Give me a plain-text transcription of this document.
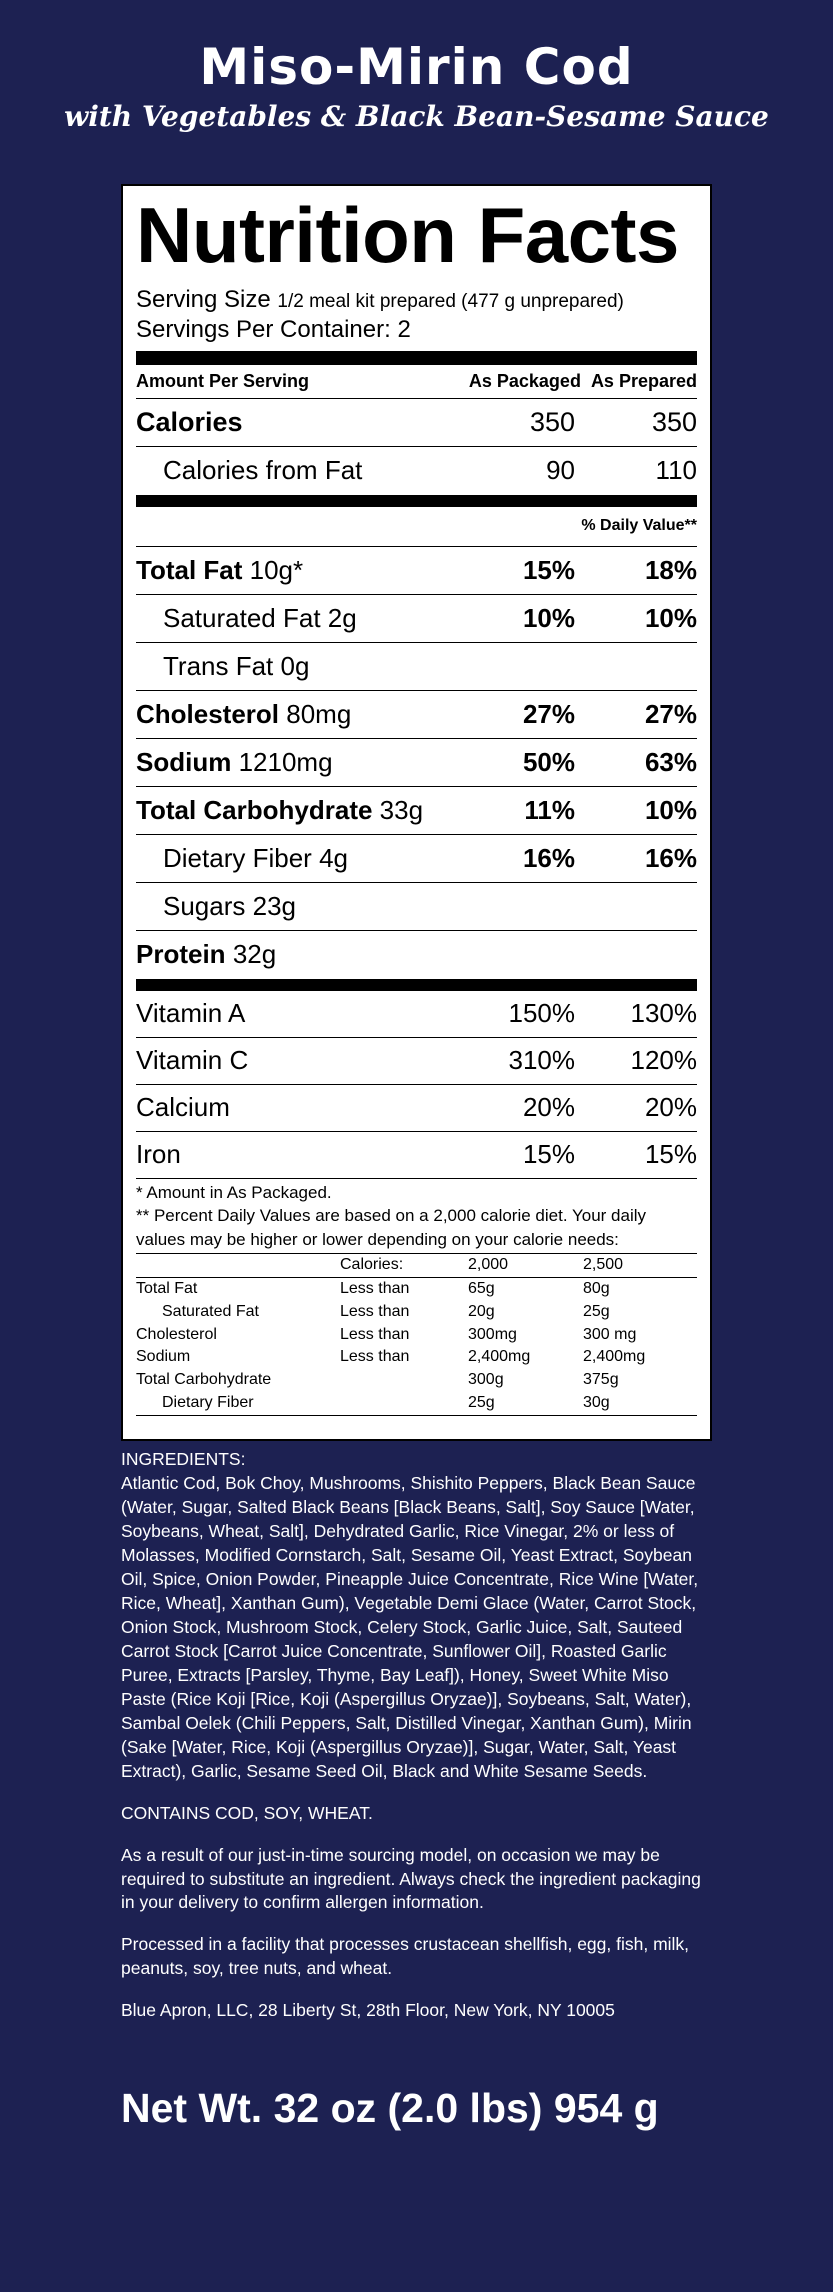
Miso-Mirin Cod
with Vegetables & Black Bean-Sesame Sauce
Nutrition Facts
Serving Size 1/2 meal kit prepared (477 g unprepared)
Servings Per Container: 2
Amount Per Serving	As Packaged As Prepared
Calories	350	350
Calories from Fat	90	110
% Daily Value**
Total Fat 10g*	15%	18%
Saturated Fat 2g	10%	10%
Trans Fat 0g
Cholesterol 80mg	27%	27%
Sodium 1210mg	50%	63%
Total Carbohydrate 33g	11%	10%
Dietary Fiber 4g	16%	16%
Sugars 23g
Protein 32g
Vitamin A	150%	130%
Vitamin C	310%	120%
Calcium	20%	20%
Iron	15%	15%
* Amount in As Packaged.
** Percent Daily Values are based on a 2,000 calorie diet. Your daily values may be higher or lower depending on your calorie needs:
	Calories:	2,000	2,500
Total Fat	Less than	65g	80g
Saturated Fat	Less than	20g	25g
Cholesterol	Less than	300mg	300 mg
Sodium	Less than	2,400mg	2,400mg
Total Carbohydrate		300g	375g
Dietary Fiber		25g	30g

INGREDIENTS:
Atlantic Cod, Bok Choy, Mushrooms, Shishito Peppers, Black Bean Sauce (Water, Sugar, Salted Black Beans [Black Beans, Salt], Soy Sauce [Water, Soybeans, Wheat, Salt], Dehydrated Garlic, Rice Vinegar, 2% or less of Molasses, Modified Cornstarch, Salt, Sesame Oil, Yeast Extract, Soybean Oil, Spice, Onion Powder, Pineapple Juice Concentrate, Rice Wine [Water, Rice, Wheat], Xanthan Gum), Vegetable Demi Glace (Water, Carrot Stock, Onion Stock, Mushroom Stock, Celery Stock, Garlic Juice, Salt, Sauteed Carrot Stock [Carrot Juice Concentrate, Sunflower Oil], Roasted Garlic Puree, Extracts [Parsley, Thyme, Bay Leaf]), Honey, Sweet White Miso Paste (Rice Koji [Rice, Koji (Aspergillus Oryzae)], Soybeans, Salt, Water), Sambal Oelek (Chili Peppers, Salt, Distilled Vinegar, Xanthan Gum), Mirin (Sake [Water, Rice, Koji (Aspergillus Oryzae)], Sugar, Water, Salt, Yeast Extract), Garlic, Sesame Seed Oil, Black and White Sesame Seeds.

CONTAINS COD, SOY, WHEAT.

As a result of our just-in-time sourcing model, on occasion we may be required to substitute an ingredient. Always check the ingredient packaging in your delivery to confirm allergen information.

Processed in a facility that processes crustacean shellfish, egg, fish, milk, peanuts, soy, tree nuts, and wheat.

Blue Apron, LLC, 28 Liberty St, 28th Floor, New York, NY 10005

Net Wt. 32 oz (2.0 lbs) 954 g
